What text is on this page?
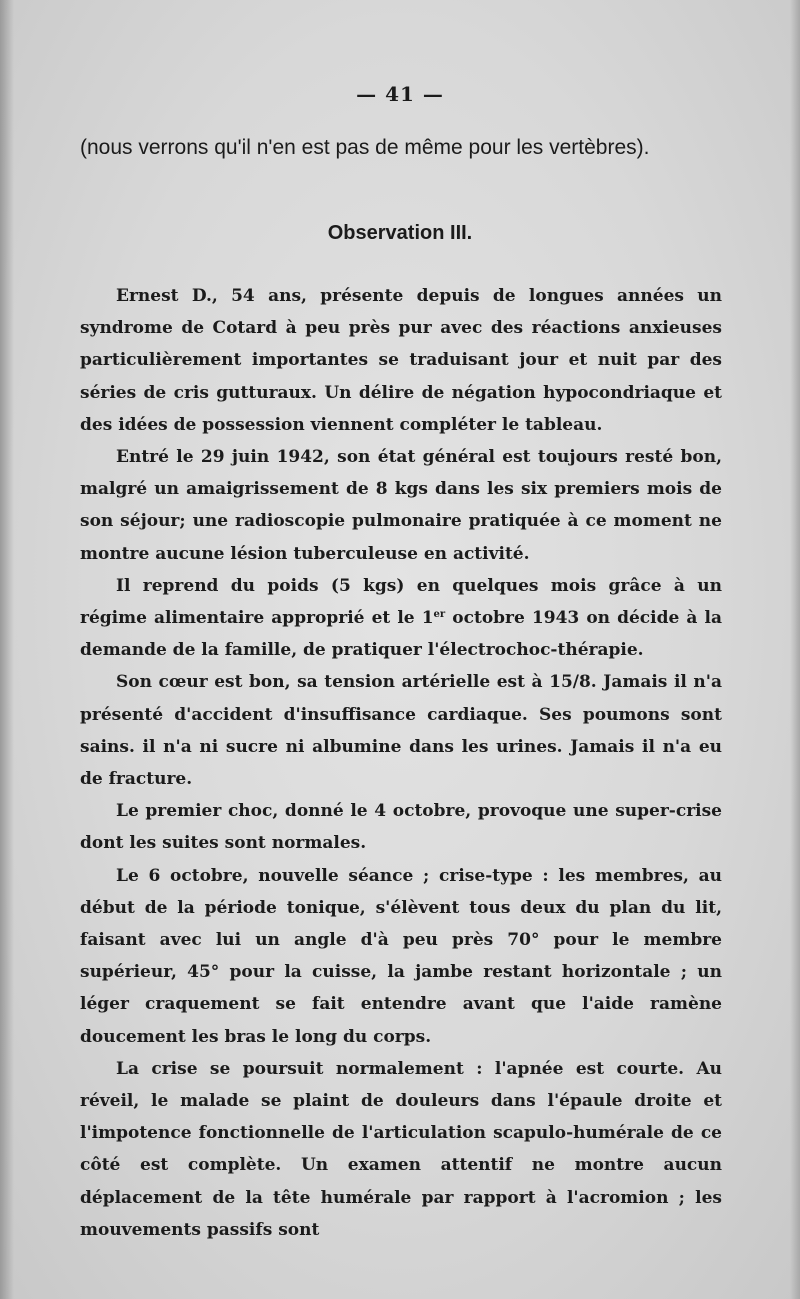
— 41 —
(nous verrons qu'il n'en est pas de même pour les vertèbres).
Observation III.

Ernest D., 54 ans, présente depuis de longues années un syndrome de Cotard à peu près pur avec des réactions anxieuses particulièrement importantes se traduisant jour et nuit par des séries de cris gutturaux. Un délire de négation hypocondriaque et des idées de possession viennent compléter le tableau.

Entré le 29 juin 1942, son état général est toujours resté bon, malgré un amaigrissement de 8 kgs dans les six premiers mois de son séjour; une radioscopie pulmonaire pratiquée à ce moment ne montre aucune lésion tuberculeuse en activité.

Il reprend du poids (5 kgs) en quelques mois grâce à un régime alimentaire approprié et le 1er octobre 1943 on décide à la demande de la famille, de pratiquer l'électrochoc-thérapie.

Son cœur est bon, sa tension artérielle est à 15/8. Jamais il n'a présenté d'accident d'insuffisance cardiaque. Ses poumons sont sains. il n'a ni sucre ni albumine dans les urines. Jamais il n'a eu de fracture.

Le premier choc, donné le 4 octobre, provoque une super-crise dont les suites sont normales.

Le 6 octobre, nouvelle séance ; crise-type : les membres, au début de la période tonique, s'élèvent tous deux du plan du lit, faisant avec lui un angle d'à peu près 70° pour le membre supérieur, 45° pour la cuisse, la jambe restant horizontale ; un léger craquement se fait entendre avant que l'aide ramène doucement les bras le long du corps.

La crise se poursuit normalement : l'apnée est courte. Au réveil, le malade se plaint de douleurs dans l'épaule droite et l'impotence fonctionnelle de l'articulation scapulo-humérale de ce côté est complète. Un examen attentif ne montre aucun déplacement de la tête humérale par rapport à l'acromion ; les mouvements passifs sont
